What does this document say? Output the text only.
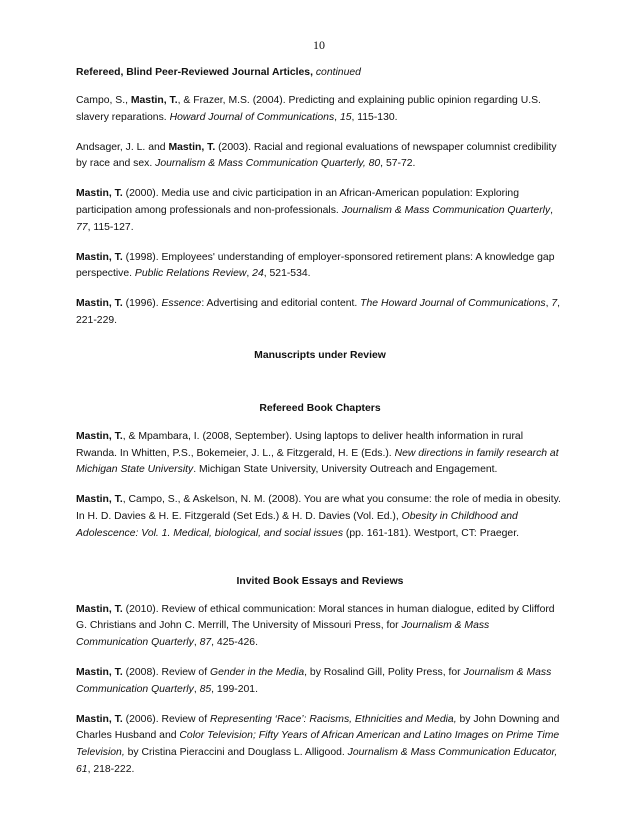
10
Refereed, Blind Peer-Reviewed Journal Articles, continued

Campo, S., Mastin, T., & Frazer, M.S. (2004). Predicting and explaining public opinion regarding U.S. slavery reparations. Howard Journal of Communications, 15, 115-130.

Andsager, J. L. and Mastin, T. (2003). Racial and regional evaluations of newspaper columnist credibility by race and sex. Journalism & Mass Communication Quarterly, 80, 57-72.

Mastin, T. (2000). Media use and civic participation in an African-American population: Exploring participation among professionals and non-professionals. Journalism & Mass Communication Quarterly, 77, 115-127.

Mastin, T. (1998). Employees' understanding of employer-sponsored retirement plans: A knowledge gap perspective. Public Relations Review, 24, 521-534.

Mastin, T. (1996). Essence: Advertising and editorial content. The Howard Journal of Communications, 7, 221-229.

Manuscripts under Review
Refereed Book Chapters

Mastin, T., & Mpambara, I. (2008, September). Using laptops to deliver health information in rural Rwanda. In Whitten, P.S., Bokemeier, J. L., & Fitzgerald, H. E (Eds.). New directions in family research at Michigan State University. Michigan State University, University Outreach and Engagement.

Mastin, T., Campo, S., & Askelson, N. M. (2008). You are what you consume: the role of media in obesity. In H. D. Davies & H. E. Fitzgerald (Set Eds.) & H. D. Davies (Vol. Ed.), Obesity in Childhood and Adolescence: Vol. 1. Medical, biological, and social issues (pp. 161-181). Westport, CT: Praeger.

Invited Book Essays and Reviews

Mastin, T. (2010). Review of ethical communication: Moral stances in human dialogue, edited by Clifford G. Christians and John C. Merrill, The University of Missouri Press, for Journalism & Mass Communication Quarterly, 87, 425-426.

Mastin, T. (2008). Review of Gender in the Media, by Rosalind Gill, Polity Press, for Journalism & Mass Communication Quarterly, 85, 199-201.

Mastin, T. (2006). Review of Representing ‘Race’: Racisms, Ethnicities and Media, by John Downing and Charles Husband and Color Television; Fifty Years of African American and Latino Images on Prime Time Television, by Cristina Pieraccini and Douglass L. Alligood. Journalism & Mass Communication Educator, 61, 218-222.
